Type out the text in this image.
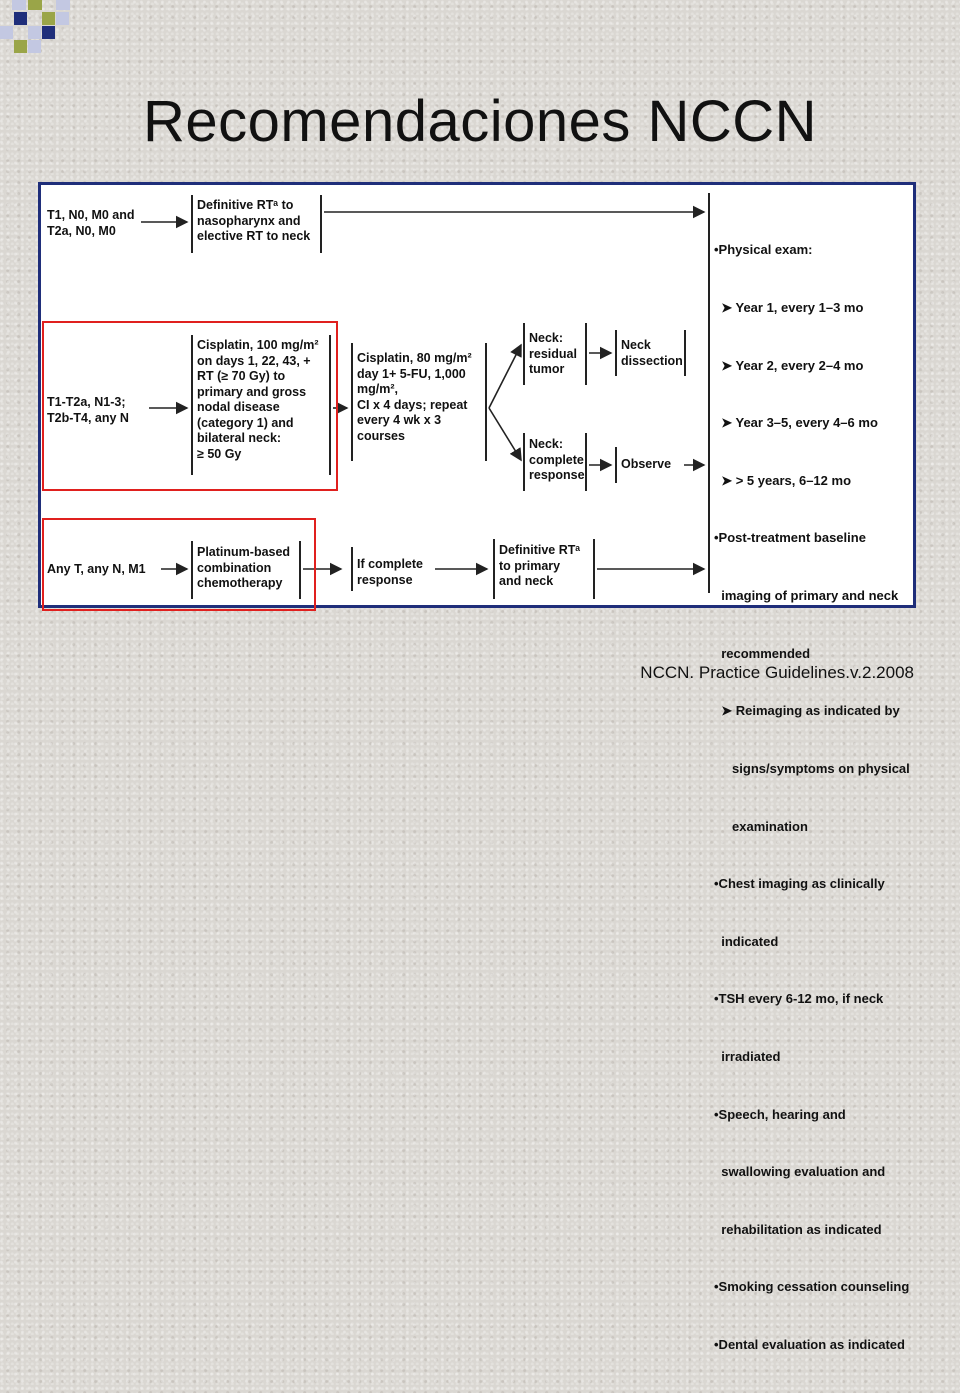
Recomendaciones NCCN
T1, N0, M0 and
T2a, N0, M0
Definitive RTᵃ to
nasopharynx and
elective RT to neck
T1-T2a, N1-3;
T2b-T4, any N
Cisplatin, 100 mg/m²
on days 1, 22, 43, +
RT (≥ 70 Gy) to
primary and gross
nodal disease
(category 1) and
bilateral neck:
≥ 50 Gy
Cisplatin, 80 mg/m²
day 1+ 5-FU, 1,000
mg/m²,
CI x 4 days; repeat
every 4 wk x 3
courses
Neck:
residual
tumor
Neck
dissection
Neck:
complete
response
Observe
Any T, any N, M1
Platinum-based
combination
chemotherapy
If complete
response
Definitive RTᵃ
to primary
and neck

•Physical exam:

➤ Year 1, every 1–3 mo

➤ Year 2, every 2–4 mo

➤ Year 3–5, every 4–6 mo

➤ > 5 years, 6–12 mo

•Post-treatment baseline

imaging of primary and neck

recommended

➤ Reimaging as indicated by

signs/symptoms on physical

examination

•Chest imaging as clinically

indicated

•TSH every 6-12 mo, if neck

irradiated

•Speech, hearing and

swallowing evaluation and

rehabilitation as indicated

•Smoking cessation counseling

•Dental evaluation as indicated

NCCN. Practice Guidelines.v.2.2008
